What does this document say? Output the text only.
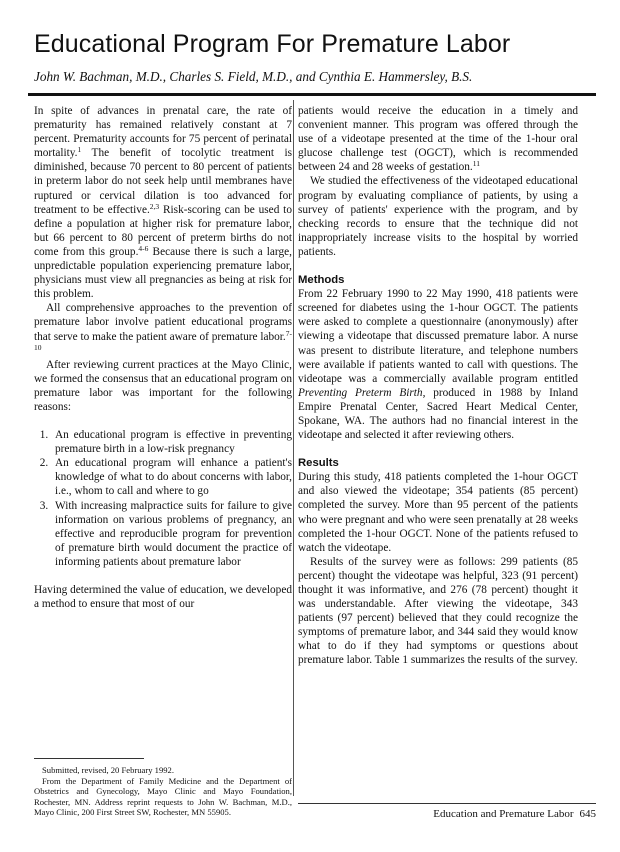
Educational Program For Premature Labor
John W. Bachman, M.D., Charles S. Field, M.D., and Cynthia E. Hammersley, B.S.

In spite of advances in prenatal care, the rate of prematurity has remained relatively constant at 7 percent. Prematurity accounts for 75 percent of perinatal mortality.$^1$ The benefit of tocolytic treatment is diminished, because 70 percent to 80 percent of patients in preterm labor do not seek help until membranes have ruptured or cervical dilation is too advanced for treatment to be effective.$^{2,3}$ Risk-scoring can be used to define a population at higher risk for premature labor, but 66 percent to 80 percent of preterm births do not come from this group.$^{4-6}$ Because there is such a large, unpredictable population experiencing premature labor, physicians must view all pregnancies as being at risk for this problem.

All comprehensive approaches to the prevention of premature labor involve patient educational programs that serve to make the patient aware of premature labor.$^{7-10}$

After reviewing current practices at the Mayo Clinic, we formed the consensus that an educational program on premature labor was important for the following reasons:

1. An educational program is effective in preventing premature birth in a low-risk pregnancy
2. An educational program will enhance a patient's knowledge of what to do about concerns with labor, i.e., whom to call and where to go
3. With increasing malpractice suits for failure to give information on various problems of pregnancy, an effective and reproducible program for prevention of premature birth would document the practice of informing patients about premature labor

Having determined the value of education, we developed a method to ensure that most of our

Submitted, revised, 20 February 1992.

From the Department of Family Medicine and the Department of Obstetrics and Gynecology, Mayo Clinic and Mayo Foundation, Rochester, MN. Address reprint requests to John W. Bachman, M.D., Mayo Clinic, 200 First Street SW, Rochester, MN 55905.

patients would receive the education in a timely and convenient manner. This program was offered through the use of a videotape presented at the time of the 1-hour oral glucose challenge test (OGCT), which is recommended between 24 and 28 weeks of gestation.$^{11}$

We studied the effectiveness of the videotaped educational program by evaluating compliance of patients, by using a survey of patients' experience with the program, and by checking records to ensure that the technique did not inappropriately increase visits to the hospital by worried patients.

Methods

From 22 February 1990 to 22 May 1990, 418 patients were screened for diabetes using the 1-hour OGCT. The patients were asked to complete a questionnaire (anonymously) after viewing a videotape that discussed premature labor. A nurse was present to distribute literature, and telephone numbers were available if patients wanted to call with questions. The videotape was a commercially available program entitled Preventing Preterm Birth, produced in 1988 by Inland Empire Prenatal Center, Sacred Heart Medical Center, Spokane, WA. The authors had no financial interest in the videotape and selected it after reviewing others.

Results

During this study, 418 patients completed the 1-hour OGCT and also viewed the videotape; 354 patients (85 percent) completed the survey. More than 95 percent of the patients who were pregnant and who were seen prenatally at 28 weeks completed the 1-hour OGCT. None of the patients refused to watch the videotape.

Results of the survey were as follows: 299 patients (85 percent) thought the videotape was helpful, 323 (91 percent) thought it was informative, and 276 (78 percent) thought it was understandable. After viewing the videotape, 343 patients (97 percent) believed that they could recognize the symptoms of premature labor, and 344 said they would know what to do if they had symptoms or questions about premature labor. Table 1 summarizes the results of the survey.

Education and Premature Labor 645
